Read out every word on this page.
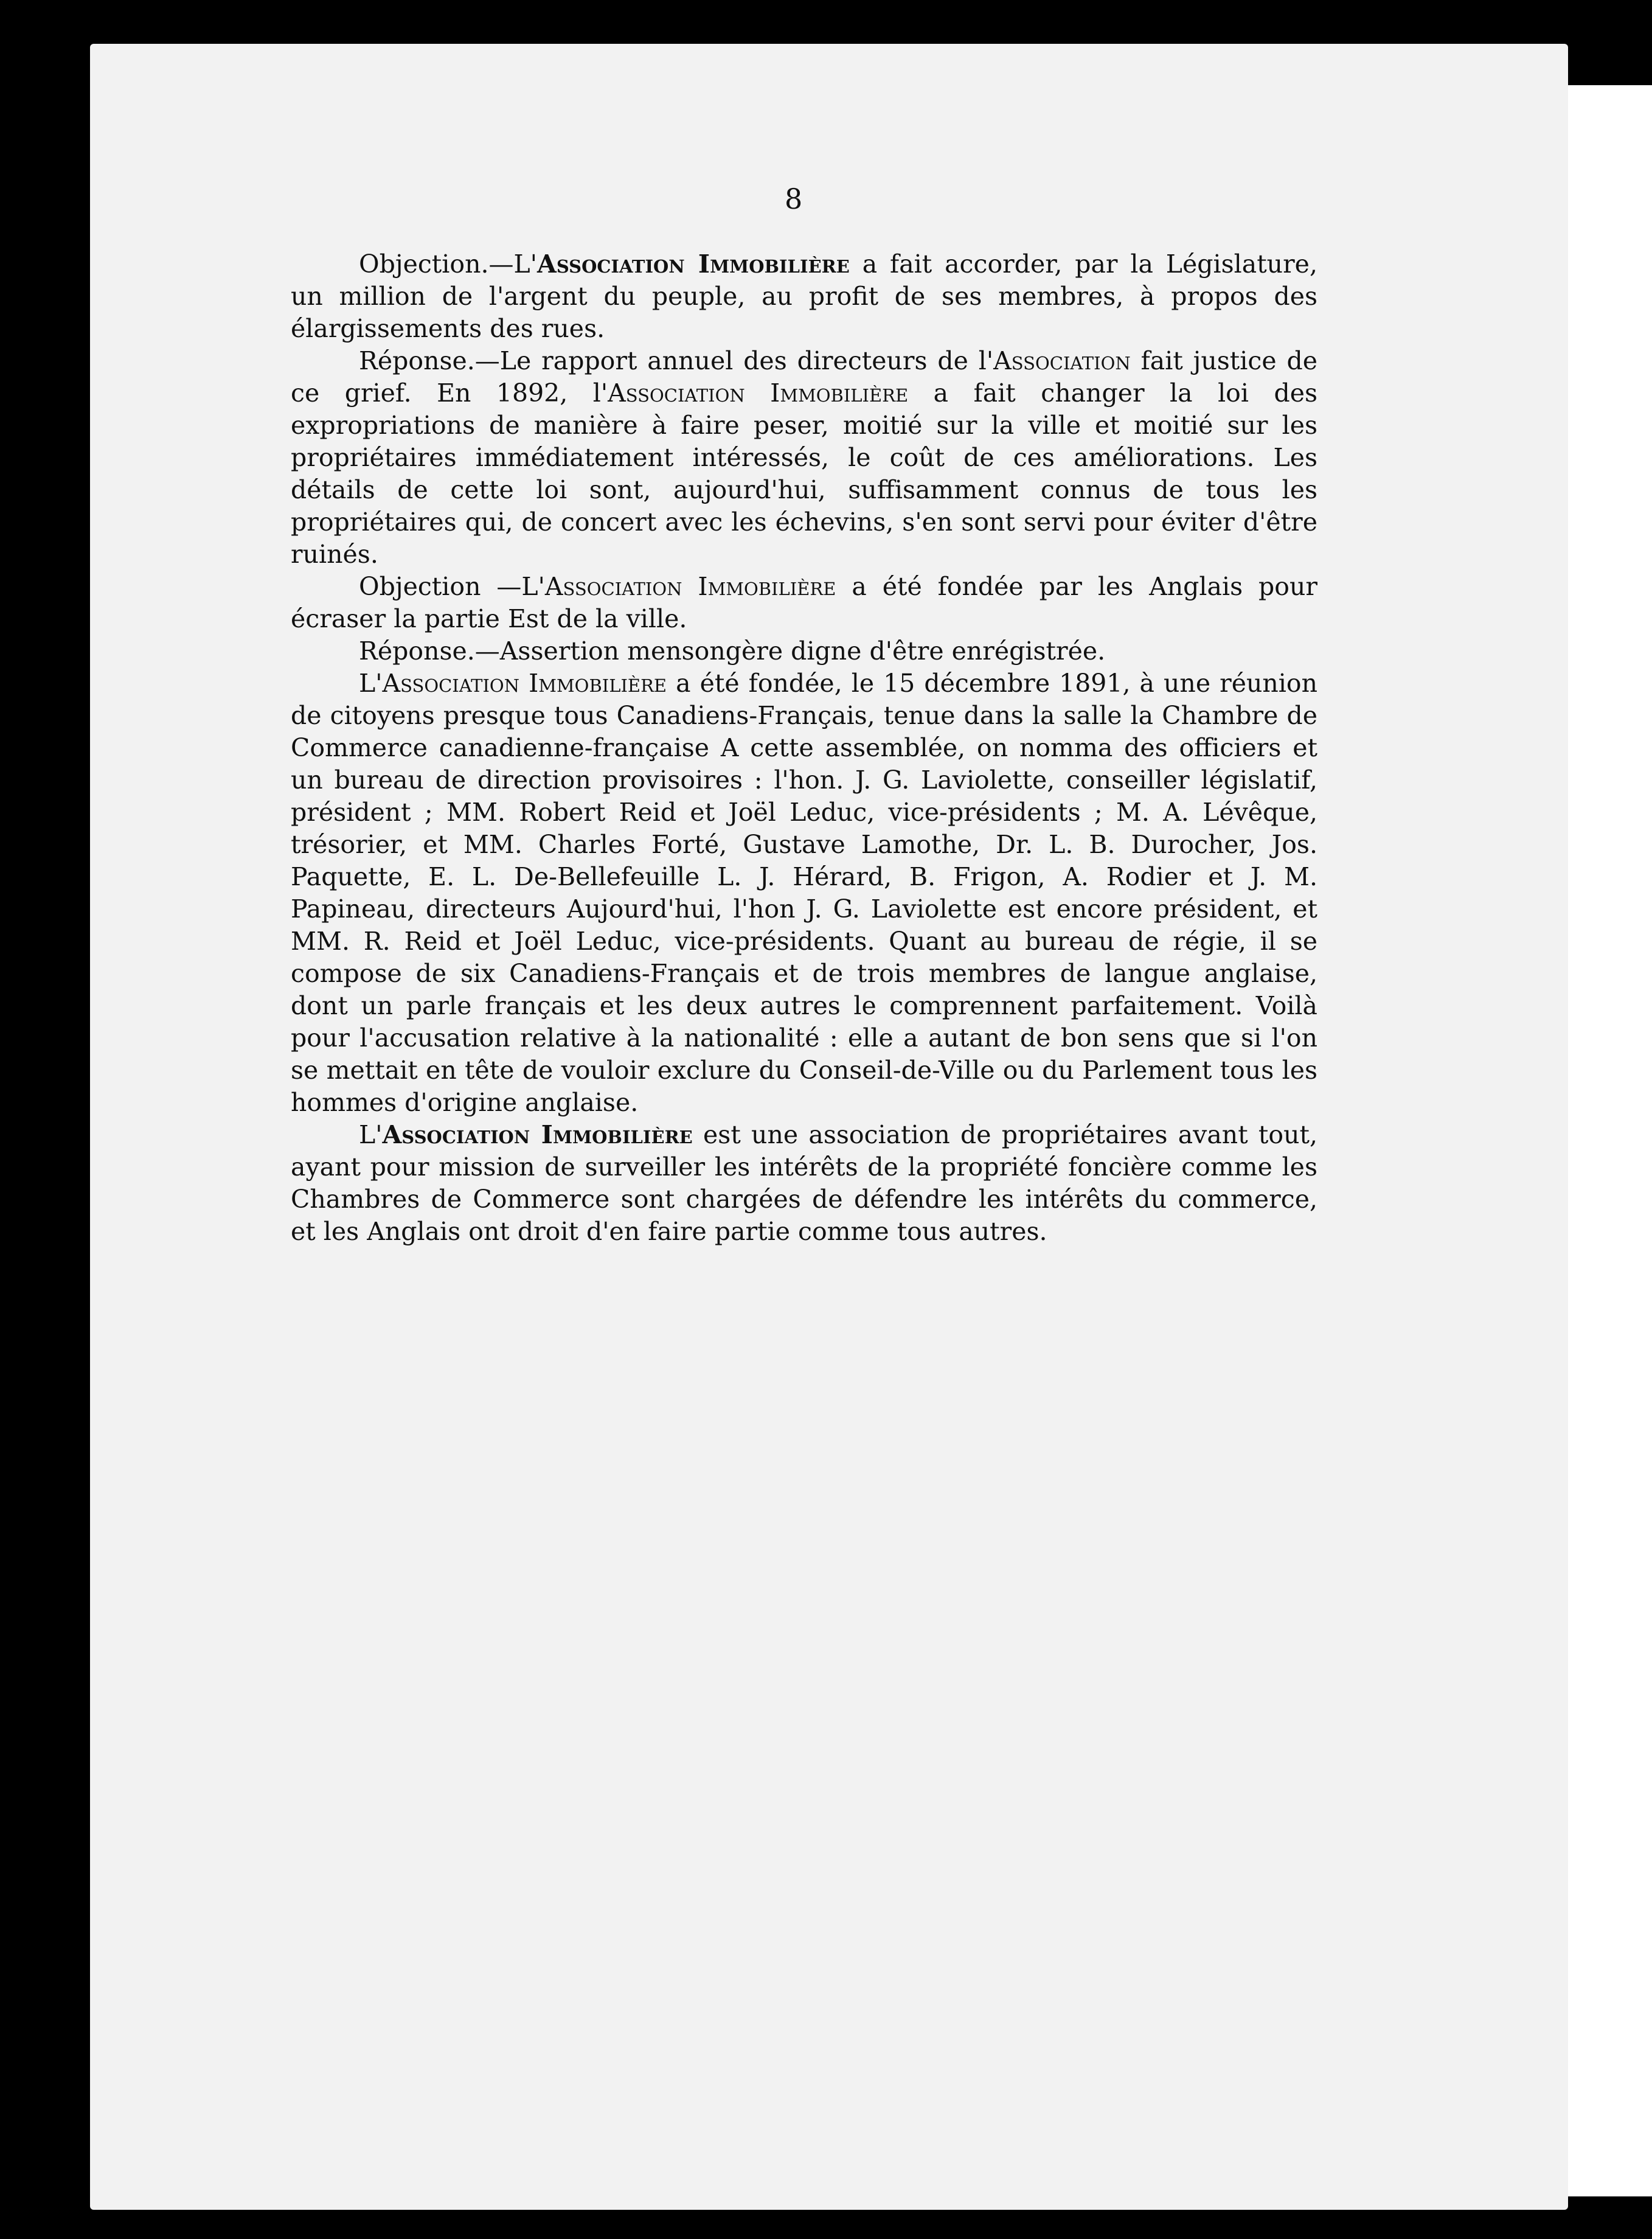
8

Objection.—L'Association Immobilière a fait accorder, par la Législature, un million de l'argent du peuple, au profit de ses membres, à propos des élargissements des rues.

Réponse.—Le rapport annuel des directeurs de l'Association fait justice de ce grief. En 1892, l'Association Immobilière a fait changer la loi des expropriations de manière à faire peser, moitié sur la ville et moitié sur les propriétaires immédiatement intéressés, le coût de ces améliorations. Les détails de cette loi sont, aujourd'hui, suffisamment connus de tous les propriétaires qui, de concert avec les échevins, s'en sont servi pour éviter d'être ruinés.

Objection —L'Association Immobilière a été fondée par les Anglais pour écraser la partie Est de la ville.

Réponse.—Assertion mensongère digne d'être enrégistrée.

L'Association Immobilière a été fondée, le 15 décembre 1891, à une réunion de citoyens presque tous Canadiens-Français, tenue dans la salle la Chambre de Commerce canadienne-française A cette assemblée, on nomma des officiers et un bureau de direction provisoires : l'hon. J. G. Laviolette, conseiller législatif, président ; MM. Robert Reid et Joël Leduc, vice-présidents ; M. A. Lévêque, trésorier, et MM. Charles Forté, Gustave Lamothe, Dr. L. B. Durocher, Jos. Paquette, E. L. De-Bellefeuille L. J. Hérard, B. Frigon, A. Rodier et J. M. Papineau, directeurs Aujourd'hui, l'hon J. G. Laviolette est encore président, et MM. R. Reid et Joël Leduc, vice-présidents. Quant au bureau de régie, il se compose de six Canadiens-Français et de trois membres de langue anglaise, dont un parle français et les deux autres le comprennent parfaitement. Voilà pour l'accusation relative à la nationalité : elle a autant de bon sens que si l'on se mettait en tête de vouloir exclure du Conseil-de-Ville ou du Parlement tous les hommes d'origine anglaise.

L'Association Immobilière est une association de propriétaires avant tout, ayant pour mission de surveiller les intérêts de la propriété foncière comme les Chambres de Commerce sont chargées de défendre les intérêts du commerce, et les Anglais ont droit d'en faire partie comme tous autres.
